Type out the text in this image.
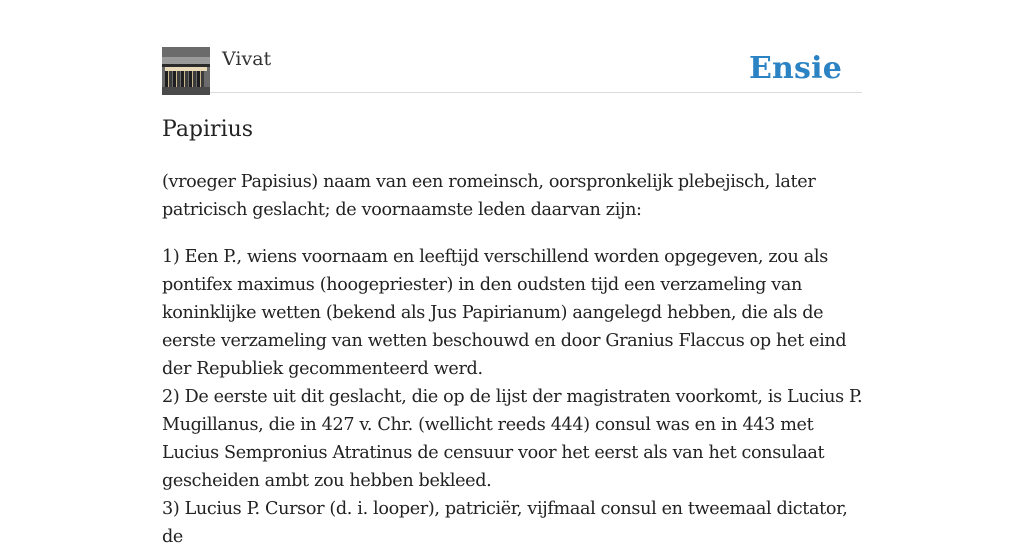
Vivat	Ensie
Papirius

(vroeger Papisius) naam van een romeinsch, oorspronkelijk plebejisch, later patricisch geslacht; de voornaamste leden daarvan zijn:

1) Een P., wiens voornaam en leeftijd verschillend worden opgegeven, zou als pontifex maximus (hoogepriester) in den oudsten tijd een verzameling van koninklijke wetten (bekend als Jus Papirianum) aangelegd hebben, die als de eerste verzameling van wetten beschouwd en door Granius Flaccus op het eind der Republiek gecommenteerd werd.

2) De eerste uit dit geslacht, die op de lijst der magistraten voorkomt, is Lucius P. Mugillanus, die in 427 v. Chr. (wellicht reeds 444) consul was en in 443 met Lucius Sempronius Atratinus de censuur voor het eerst als van het consulaat gescheiden ambt zou hebben bekleed.

3) Lucius P. Cursor (d. i. looper), patriciër, vijfmaal consul en tweemaal dictator, de
